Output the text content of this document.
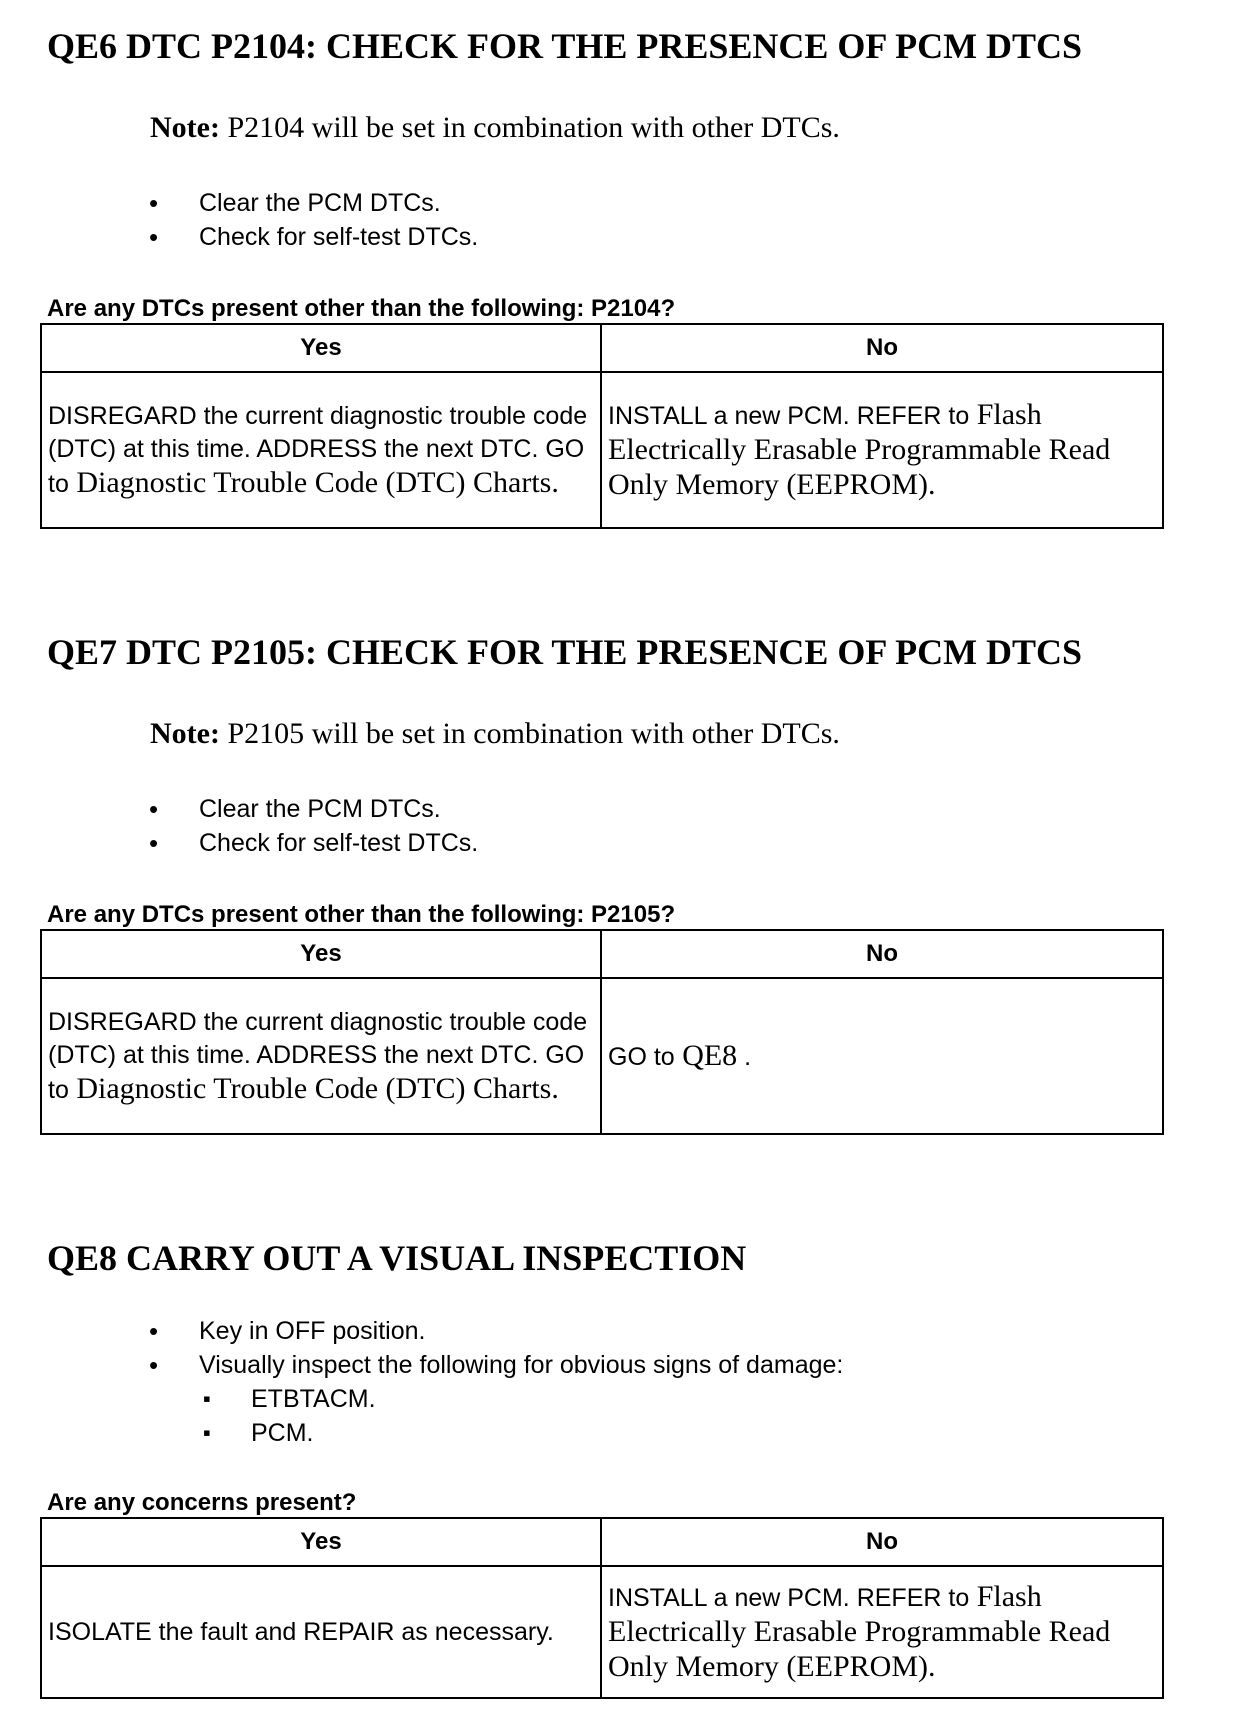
QE6 DTC P2104: CHECK FOR THE PRESENCE OF PCM DTCS
Note: P2104 will be set in combination with other DTCs.
• Clear the PCM DTCs.
• Check for self-test DTCs.
Are any DTCs present other than the following: P2104?
Yes	No
DISREGARD the current diagnostic trouble code (DTC) at this time. ADDRESS the next DTC. GO to Diagnostic Trouble Code (DTC) Charts.	INSTALL a new PCM. REFER to Flash Electrically Erasable Programmable Read Only Memory (EEPROM).
QE7 DTC P2105: CHECK FOR THE PRESENCE OF PCM DTCS
Note: P2105 will be set in combination with other DTCs.
• Clear the PCM DTCs.
• Check for self-test DTCs.
Are any DTCs present other than the following: P2105?
Yes	No
DISREGARD the current diagnostic trouble code (DTC) at this time. ADDRESS the next DTC. GO to Diagnostic Trouble Code (DTC) Charts.	GO to QE8 .
QE8 CARRY OUT A VISUAL INSPECTION
• Key in OFF position.
• Visually inspect the following for obvious signs of damage:
▪ ETBTACM.
▪ PCM.
Are any concerns present?
Yes	No
ISOLATE the fault and REPAIR as necessary.	INSTALL a new PCM. REFER to Flash Electrically Erasable Programmable Read Only Memory (EEPROM).
